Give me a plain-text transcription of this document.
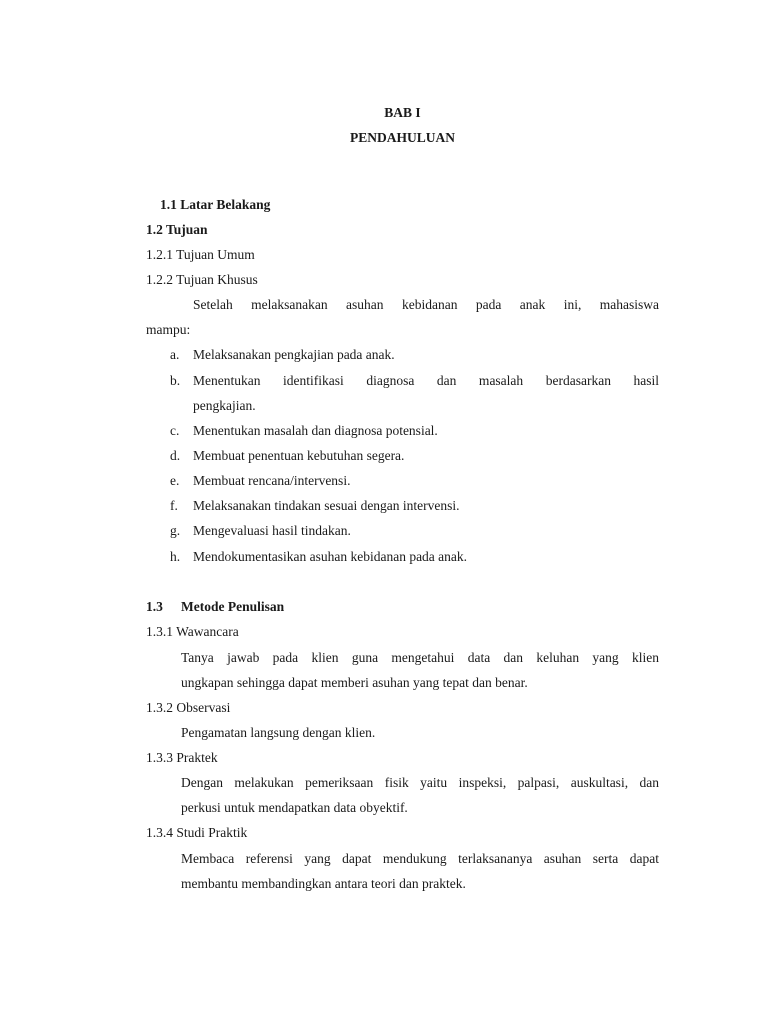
BAB I
PENDAHULUAN
1.1 Latar Belakang
1.2 Tujuan
1.2.1 Tujuan Umum
1.2.2 Tujuan Khusus
Setelah melaksanakan asuhan kebidanan pada anak ini, mahasiswa
mampu:
a. Melaksanakan pengkajian pada anak.
b. Menentukan identifikasi diagnosa dan masalah berdasarkan hasil
pengkajian.
c. Menentukan masalah dan diagnosa potensial.
d. Membuat penentuan kebutuhan segera.
e. Membuat rencana/intervensi.
f. Melaksanakan tindakan sesuai dengan intervensi.
g. Mengevaluasi hasil tindakan.
h. Mendokumentasikan asuhan kebidanan pada anak.
1.3 Metode Penulisan
1.3.1 Wawancara
Tanya jawab pada klien guna mengetahui data dan keluhan yang klien
ungkapan sehingga dapat memberi asuhan yang tepat dan benar.
1.3.2 Observasi
Pengamatan langsung dengan klien.
1.3.3 Praktek
Dengan melakukan pemeriksaan fisik yaitu inspeksi, palpasi, auskultasi, dan
perkusi untuk mendapatkan data obyektif.
1.3.4 Studi Praktik
Membaca referensi yang dapat mendukung terlaksananya asuhan serta dapat
membantu membandingkan antara teori dan praktek.
